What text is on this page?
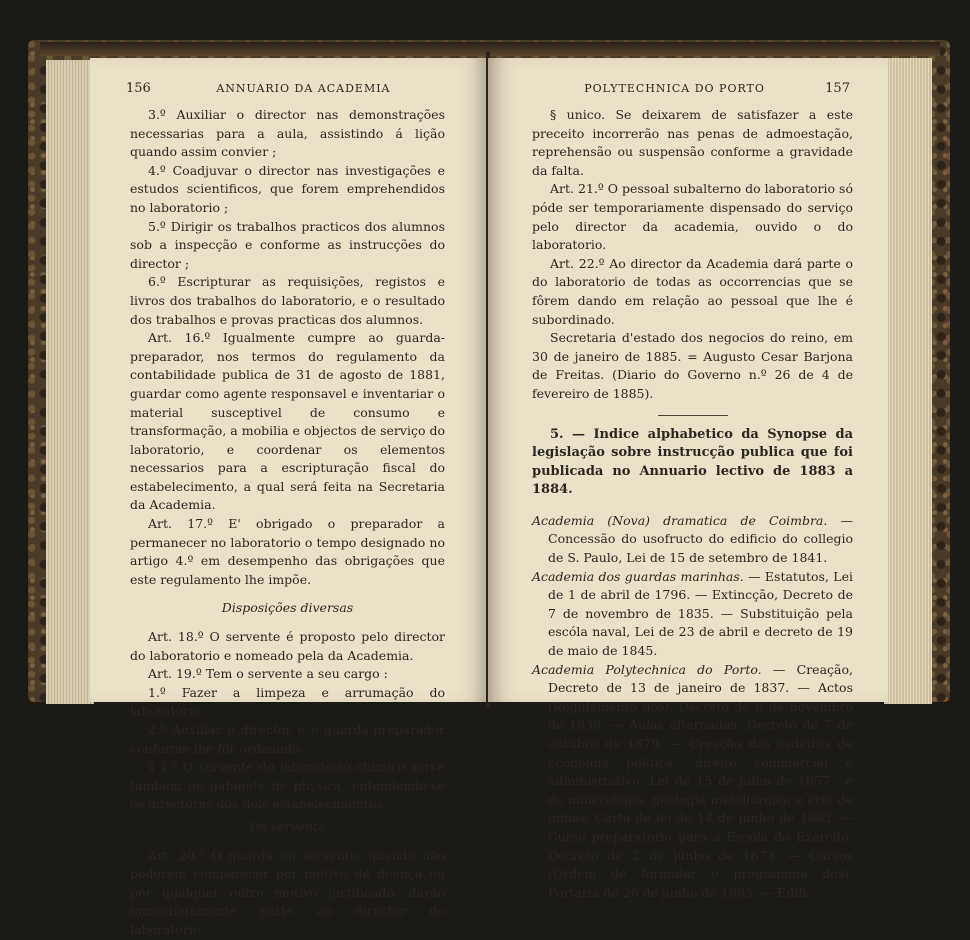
156	ANNUARIO DA ACADEMIA

3.º Auxiliar o director nas demonstrações necessarias para a aula, assistindo á lição quando assim convier ;

4.º Coadjuvar o director nas investigações e estudos scientificos, que forem emprehendidos no laboratorio ;

5.º Dirigir os trabalhos practicos dos alumnos sob a inspecção e conforme as instrucções do director ;

6.º Escripturar as requisições, registos e livros dos trabalhos do laboratorio, e o resultado dos trabalhos e provas practicas dos alumnos.

Art. 16.º Igualmente cumpre ao guarda-preparador, nos termos do regulamento da contabilidade publica de 31 de agosto de 1881, guardar como agente responsavel e inventariar o material susceptivel de consumo e transformação, a mobilia e objectos de serviço do laboratorio, e coordenar os elementos necessarios para a escripturação fiscal do estabelecimento, a qual será feita na Secretaria da Academia.

Art. 17.º E' obrigado o preparador a permanecer no laboratorio o tempo designado no artigo 4.º em desempenho das obrigações que este regulamento lhe impõe.

Disposições diversas

Art. 18.º O servente é proposto pelo director do laboratorio e nomeado pela da Academia.

Art. 19.º Tem o servente a seu cargo :

1.º Fazer a limpeza e arrumação do laboratorio ;

2.º Auxiliar o director e o guarda-preparador conforme lhe fôr ordenado :

§ 1.º O servente do laboratorio chimico serve tambem no gabinete de physica, entendendo-se os directores dos dois estabelecimentos.

Do servente

Art. 20.º O guarda ou servente, quando não poderem comparecer por motivo de doença ou por qualquer outro motivo justificado, darão immediatamente parte ao director do laboratorio.

POLYTECHNICA DO PORTO	157

§ unico. Se deixarem de satisfazer a este preceito incorrerão nas penas de admoestação, reprehensão ou suspensão conforme a gravidade da falta.

Art. 21.º O pessoal subalterno do laboratorio só póde ser temporariamente dispensado do serviço pelo director da academia, ouvido o do laboratorio.

Art. 22.º Ao director da Academia dará parte o do laboratorio de todas as occorrencias que se fôrem dando em relação ao pessoal que lhe é subordinado.

Secretaria d'estado dos negocios do reino, em 30 de janeiro de 1885. = Augusto Cesar Barjona de Freitas. (Diario do Governo n.º 26 de 4 de fevereiro de 1885).

5. — Indice alphabetico da Synopse da legislação sobre instrucção publica que foi publicada no Annuario lectivo de 1883 a 1884.

Academia (Nova) dramatica de Coimbra. — Concessão do usofructo do edificio do collegio de S. Paulo, Lei de 15 de setembro de 1841.

Academia dos guardas marinhas. — Estatutos, Lei de 1 de abril de 1796. — Extincção, Decreto de 7 de novembro de 1835. — Substituição pela escóla naval, Lei de 23 de abril e decreto de 19 de maio de 1845.

Academia Polytechnica do Porto. — Creação, Decreto de 13 de janeiro de 1837. — Actos (Regulamento dos), Decreto de 6 de novembro de 1839. — Aulas alternadas, Decreto de 7 de outubro de 1879. — Creação das cadeiras de economia politica, direito commercial e administrativo, Lei de 15 de julho de 1857 ; e de mineralogia, geologia metallurgica e arte de minas, Carta de lei de 14 de junho de 1883. — Curso preparatorio para a Escóla do Exercito, Decreto de 2 de junho de 1873. — Cursos (Ordem de formular o programma dos), Portaria de 26 de junho de 1883. — Edifi-
